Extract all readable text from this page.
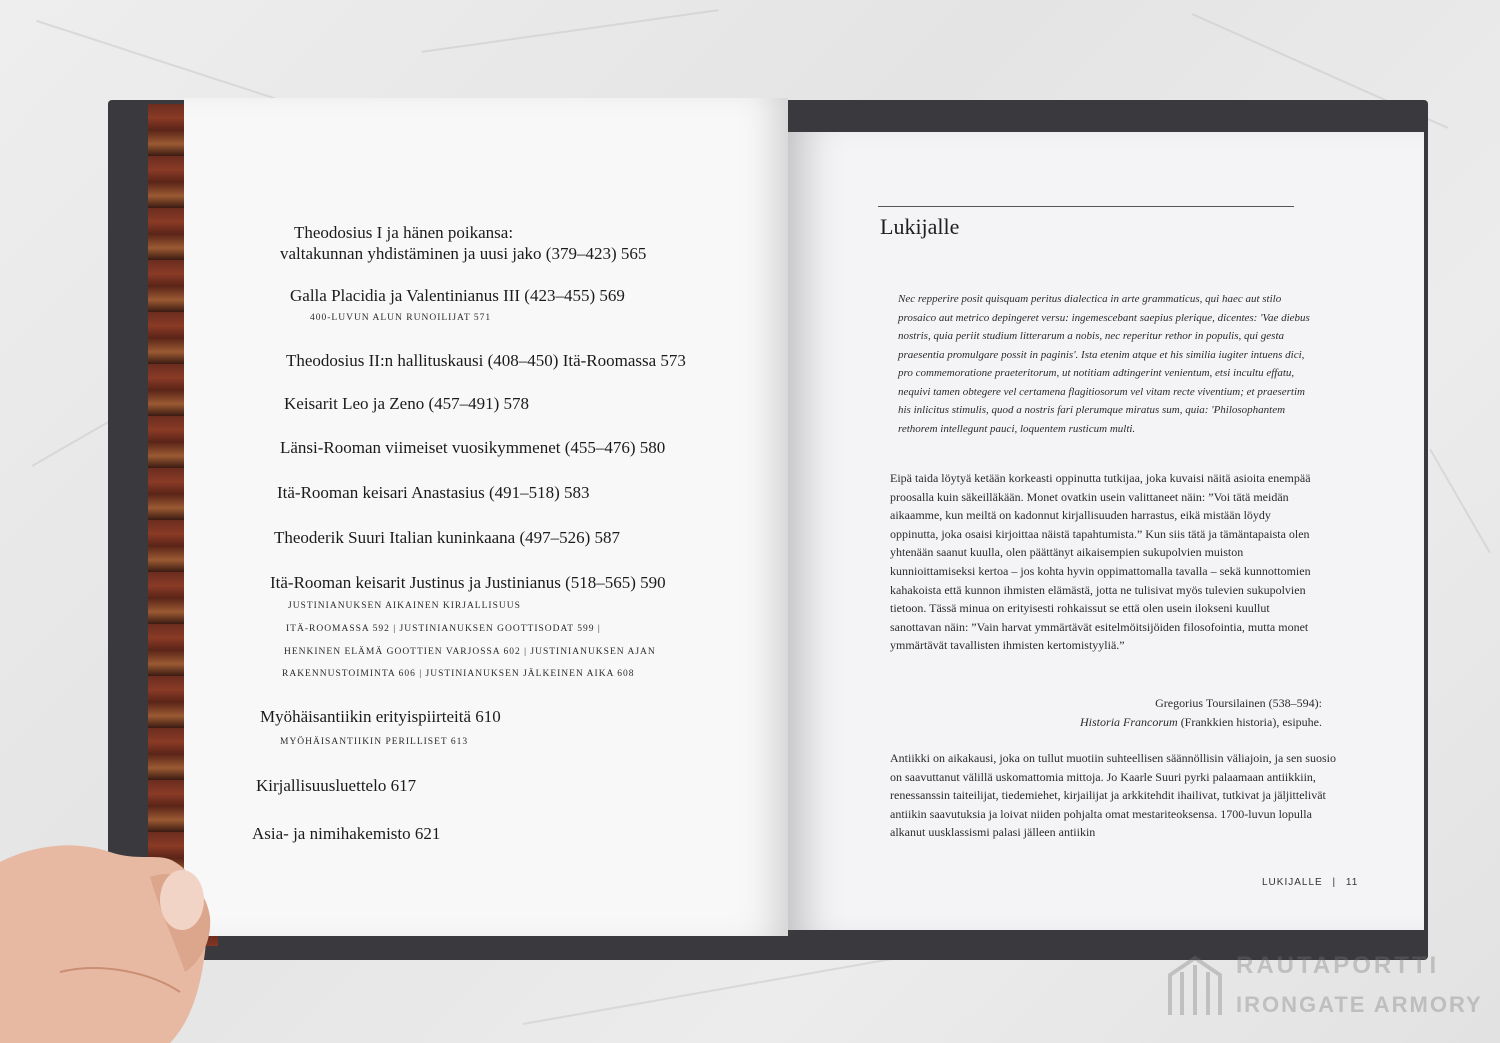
Theodosius I ja hänen poikansa:
valtakunnan yhdistäminen ja uusi jako (379–423) 565
Galla Placidia ja Valentinianus III (423–455) 569
400-LUVUN ALUN RUNOILIJAT 571
Theodosius II:n hallituskausi (408–450) Itä-Roomassa 573
Keisarit Leo ja Zeno (457–491) 578
Länsi-Rooman viimeiset vuosikymmenet (455–476) 580
Itä-Rooman keisari Anastasius (491–518) 583
Theoderik Suuri Italian kuninkaana (497–526) 587
Itä-Rooman keisarit Justinus ja Justinianus (518–565) 590
JUSTINIANUKSEN AIKAINEN KIRJALLISUUS
ITÄ-ROOMASSA 592 | JUSTINIANUKSEN GOOTTISODAT 599 |
HENKINEN ELÄMÄ GOOTTIEN VARJOSSA 602 | JUSTINIANUKSEN AJAN
RAKENNUSTOIMINTA 606 | JUSTINIANUKSEN JÄLKEINEN AIKA 608
Myöhäisantiikin erityispiirteitä 610
MYÖHÄISANTIIKIN PERILLISET 613
Kirjallisuusluettelo 617
Asia- ja nimihakemisto 621
Lukijalle
Nec repperire posit quisquam peritus dialectica in arte grammaticus, qui haec aut stilo prosaico aut metrico depingeret versu: ingemescebant saepius plerique, dicentes: 'Vae diebus nostris, quia periit studium litterarum a nobis, nec reperitur rethor in populis, qui gesta praesentia promulgare possit in paginis'. Ista etenim atque et his similia iugiter intuens dici, pro commemoratione praeteritorum, ut notitiam adtingerint venientum, etsi incultu effatu, nequivi tamen obtegere vel certamena flagitiosorum vel vitam recte viventium; et praesertim his inlicitus stimulis, quod a nostris fari plerumque miratus sum, quia: 'Philosophantem rethorem intellegunt pauci, loquentem rusticum multi.
Eipä taida löytyä ketään korkeasti oppinutta tutkijaa, joka kuvaisi näitä asioita enempää proosalla kuin säkeilläkään. Monet ovatkin usein valittaneet näin: ”Voi tätä meidän aikaamme, kun meiltä on kadonnut kirjallisuuden harrastus, eikä mistään löydy oppinutta, joka osaisi kirjoittaa näistä tapahtumista.” Kun siis tätä ja tämäntapaista olen yhtenään saanut kuulla, olen päättänyt aikaisempien sukupolvien muiston kunnioittamiseksi kertoa – jos kohta hyvin oppimattomalla tavalla – sekä kunnottomien kahakoista että kunnon ihmisten elämästä, jotta ne tulisivat myös tulevien sukupolvien tietoon. Tässä minua on erityisesti rohkaissut se että olen usein ilokseni kuullut sanottavan näin: ”Vain harvat ymmärtävät esitelmöitsijöiden filosofointia, mutta monet ymmärtävät tavallisten ihmisten kertomistyyliä.”
Gregorius Toursilainen (538–594):
Historia Francorum (Frankkien historia), esipuhe.
Antiikki on aikakausi, joka on tullut muotiin suhteellisen säännöllisin väliajoin, ja sen suosio on saavuttanut välillä uskomattomia mittoja. Jo Kaarle Suuri pyrki palaamaan antiikkiin, renessanssin taiteilijat, tiedemiehet, kirjailijat ja arkkitehdit ihailivat, tutkivat ja jäljittelivät antiikin saavutuksia ja loivat niiden pohjalta omat mestariteoksensa. 1700-luvun lopulla alkanut uusklassismi palasi jälleen antiikin
LUKIJALLE | 11
RAUTAPORTTI
IRONGATE ARMORY
